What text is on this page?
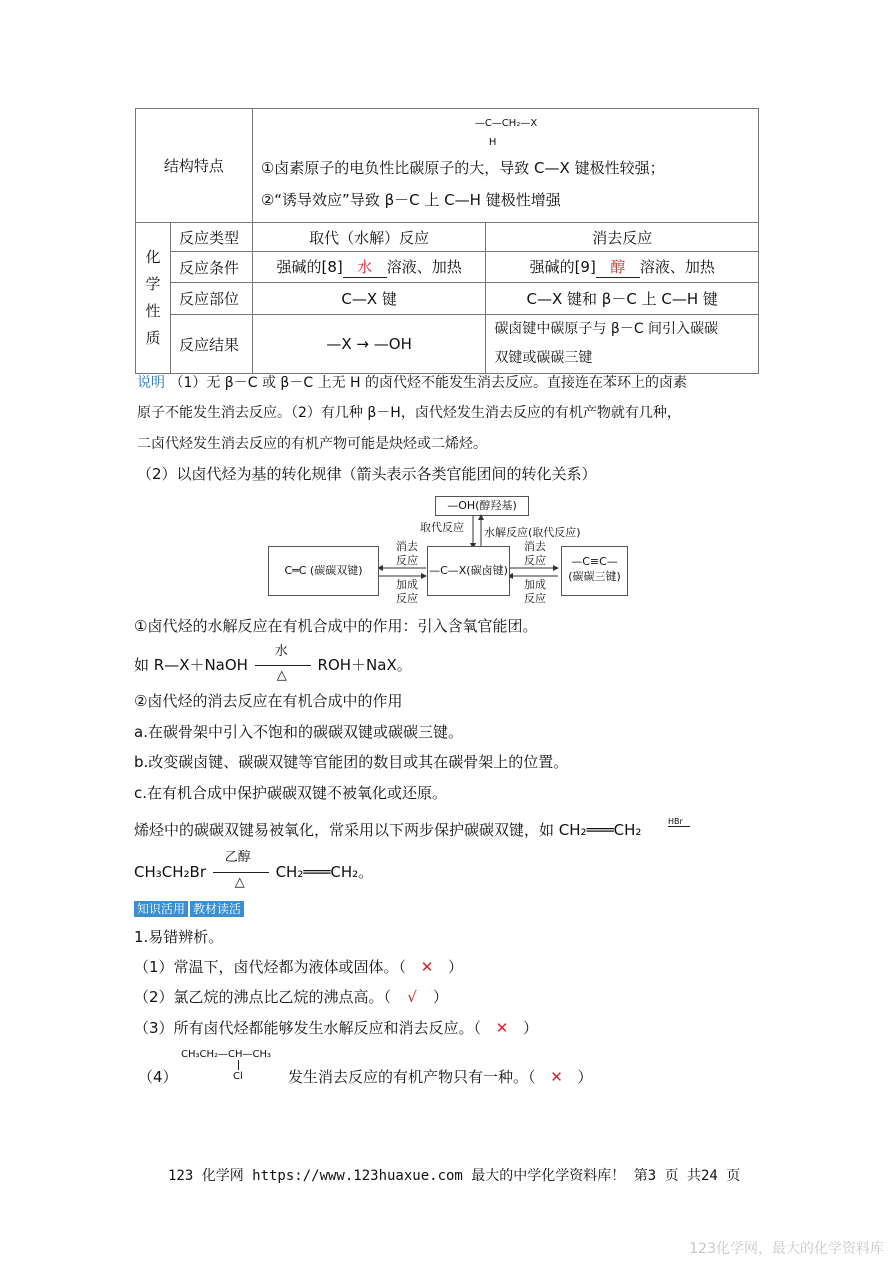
结构特点		—C—CH₂—X
H
①卤素原子的电负性比碳原子的大，导致 C—X 键极性较强；
②“诱导效应”导致 β－C 上 C—H 键极性增强	

化
学
性
质	反应类型	取代（水解）反应	消去反应
	反应条件	强碱的[8] 水 溶液、加热	强碱的[9] 醇 溶液、加热
	反应部位	C—X 键	C—X 键和 β－C 上 C—H 键
	反应结果	—X → —OH	碳卤键中碳原子与 β－C 间引入碳碳
双键或碳碳三键
说明 （1）无 β－C 或 β－C 上无 H 的卤代烃不能发生消去反应。直接连在苯环上的卤素
原子不能发生消去反应。（2）有几种 β－H，卤代烃发生消去反应的有机产物就有几种，
二卤代烃发生消去反应的有机产物可能是炔烃或二烯烃。
（2）以卤代烃为基的转化规律（箭头表示各类官能团间的转化关系）
—OH(醇羟基)
取代反应 水解反应(取代反应)
C═C (碳碳双键)	—C—X(碳卤键)
—C≡C—
(碳碳三键)
消去
反应
加成
反应
消去
反应
加成
反应
①卤代烃的水解反应在有机合成中的作用：引入含氧官能团。
如 R—X＋NaOH
水
△
ROH＋NaX。
②卤代烃的消去反应在有机合成中的作用
a.在碳骨架中引入不饱和的碳碳双键或碳碳三键。
b.改变碳卤键、碳碳双键等官能团的数目或其在碳骨架上的位置。
c.在有机合成中保护碳碳双键不被氧化或还原。
烯烃中的碳碳双键易被氧化，常采用以下两步保护碳碳双键，如 CH₂═══CH₂	HBr
CH₃CH₂Br
乙醇
△
CH₂═══CH₂。
知识活用 教材读活
1.易错辨析。
（1）常温下，卤代烃都为液体或固体。（ ✕ ）
（2）氯乙烷的沸点比乙烷的沸点高。（ √ ）
（3）所有卤代烃都能够发生水解反应和消去反应。（ ✕ ）
CH₃CH₂—CH—CH₃
Cl
（4）	发生消去反应的有机产物只有一种。（ ✕ ）
123 化学网 https://www.123huaxue.com 最大的中学化学资料库！ 第3 页 共24 页
123化学网，最大的化学资料库
